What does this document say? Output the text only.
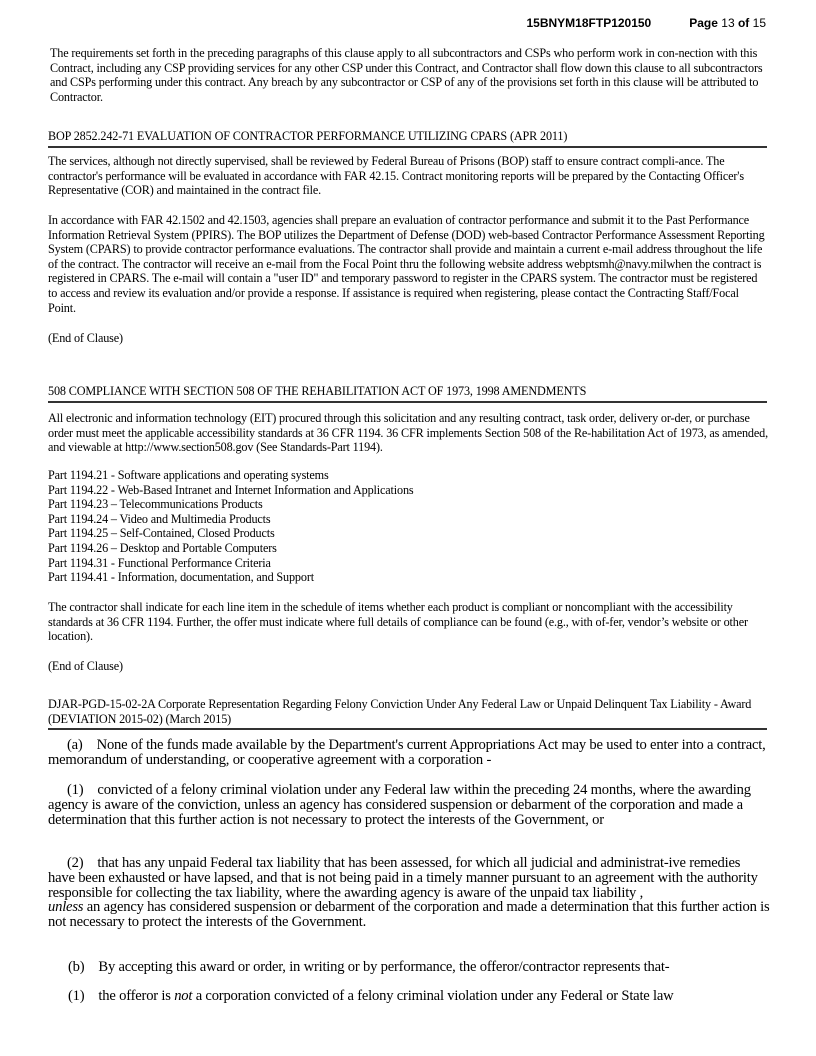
15BNYM18FTP120150	Page 13 of 15

The requirements set forth in the preceding paragraphs of this clause apply to all subcontractors and CSPs who perform work in con-nection with this Contract, including any CSP providing services for any other CSP under this Contract, and Contractor shall flow down this clause to all subcontractors and CSPs performing under this contract. Any breach by any subcontractor or CSP of any of the provisions set forth in this clause will be attributed to Contractor.

BOP 2852.242-71 EVALUATION OF CONTRACTOR PERFORMANCE UTILIZING CPARS (APR 2011)

The services, although not directly supervised, shall be reviewed by Federal Bureau of Prisons (BOP) staff to ensure contract compli-ance. The contractor's performance will be evaluated in accordance with FAR 42.15. Contract monitoring reports will be prepared by the Contacting Officer's Representative (COR) and maintained in the contract file.

In accordance with FAR 42.1502 and 42.1503, agencies shall prepare an evaluation of contractor performance and submit it to the Past Performance Information Retrieval System (PPIRS). The BOP utilizes the Department of Defense (DOD) web-based Contractor Performance Assessment Reporting System (CPARS) to provide contractor performance evaluations. The contractor shall provide and maintain a current e-mail address throughout the life of the contract. The contractor will receive an e-mail from the Focal Point thru the following website address webptsmh@navy.milwhen the contract is registered in CPARS. The e-mail will contain a "user ID" and temporary password to register in the CPARS system. The contractor must be registered to access and review its evaluation and/or provide a response. If assistance is required when registering, please contact the Contracting Staff/Focal Point.

(End of Clause)
508 COMPLIANCE WITH SECTION 508 OF THE REHABILITATION ACT OF 1973, 1998 AMENDMENTS

All electronic and information technology (EIT) procured through this solicitation and any resulting contract, task order, delivery or-der, or purchase order must meet the applicable accessibility standards at 36 CFR 1194. 36 CFR implements Section 508 of the Re-habilitation Act of 1973, as amended, and viewable at http://www.section508.gov (See Standards-Part 1194).

Part 1194.21 - Software applications and operating systems

Part 1194.22 - Web-Based Intranet and Internet Information and Applications

Part 1194.23 – Telecommunications Products

Part 1194.24 – Video and Multimedia Products

Part 1194.25 – Self-Contained, Closed Products

Part 1194.26 – Desktop and Portable Computers

Part 1194.31 - Functional Performance Criteria

Part 1194.41 - Information, documentation, and Support

The contractor shall indicate for each line item in the schedule of items whether each product is compliant or noncompliant with the accessibility standards at 36 CFR 1194. Further, the offer must indicate where full details of compliance can be found (e.g., with of-fer, vendor’s website or other location).

(End of Clause)
DJAR-PGD-15-02-2A Corporate Representation Regarding Felony Conviction Under Any Federal Law or Unpaid Delinquent Tax Liability - Award (DEVIATION 2015-02) (March 2015)
(a) None of the funds made available by the Department's current Appropriations Act may be used to enter into a contract, memorandum of understanding, or cooperative agreement with a corporation -
(1) convicted of a felony criminal violation under any Federal law within the preceding 24 months, where the awarding agency is aware of the conviction, unless an agency has considered suspension or debarment of the corporation and made a determination that this further action is not necessary to protect the interests of the Government, or
(2) that has any unpaid Federal tax liability that has been assessed, for which all judicial and administrat-ive remedies have been exhausted or have lapsed, and that is not being paid in a timely manner pursuant to an agreement with the authority responsible for collecting the tax liability, where the awarding agency is aware of the unpaid tax liability ,
unless an agency has considered suspension or debarment of the corporation and made a determination that this further action is not necessary to protect the interests of the Government.
(b) By accepting this award or order, in writing or by performance, the offeror/contractor represents that-
(1) the offeror is not a corporation convicted of a felony criminal violation under any Federal or State law
